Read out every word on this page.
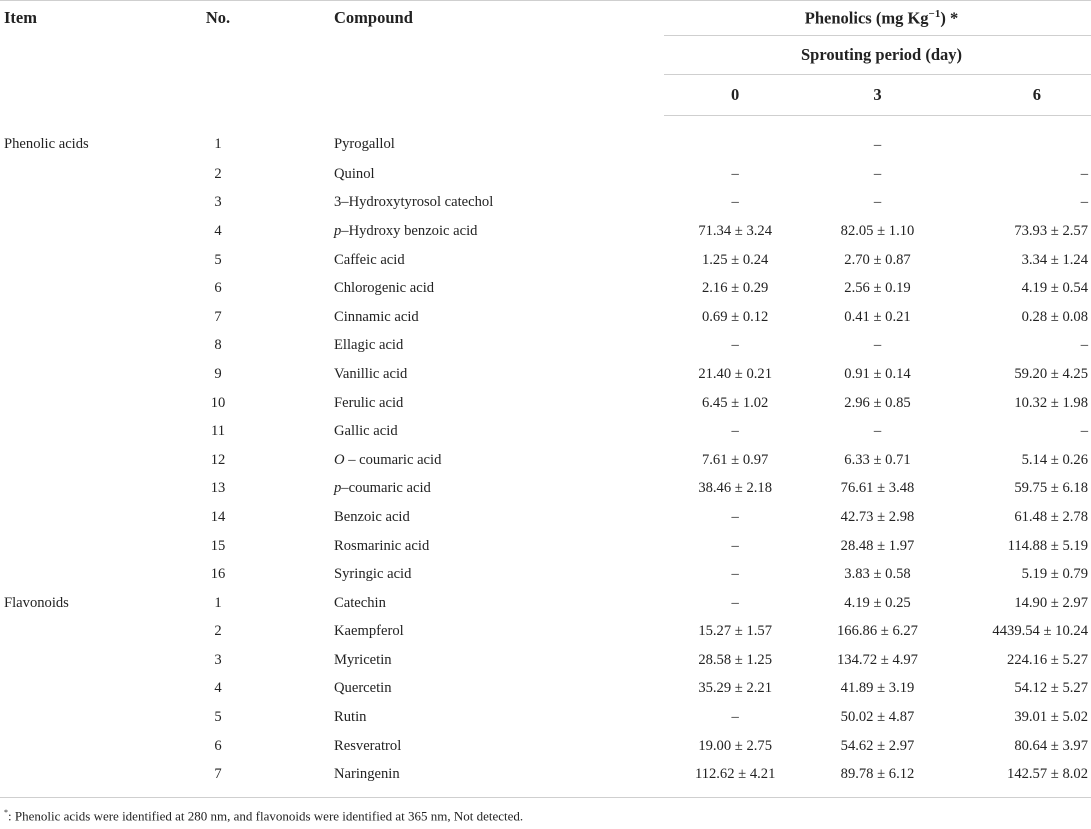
Item	No.	Compound	Phenolics (mg $Kg^{-1}$) *		
			Sprouting period (day)		
			0	3	6
Phenolic acids	1	Pyrogallol		–	
	2	Quinol	–	–	–
	3	3–Hydroxytyrosol catechol	–	–	–
	4	p–Hydroxy benzoic acid	71.34 ± 3.24	82.05 ± 1.10	73.93 ± 2.57
	5	Caffeic acid	1.25 ± 0.24	2.70 ± 0.87	3.34 ± 1.24
	6	Chlorogenic acid	2.16 ± 0.29	2.56 ± 0.19	4.19 ± 0.54
	7	Cinnamic acid	0.69 ± 0.12	0.41 ± 0.21	0.28 ± 0.08
	8	Ellagic acid	–	–	–
	9	Vanillic acid	21.40 ± 0.21	0.91 ± 0.14	59.20 ± 4.25
	10	Ferulic acid	6.45 ± 1.02	2.96 ± 0.85	10.32 ± 1.98
	11	Gallic acid	–	–	–
	12	O – coumaric acid	7.61 ± 0.97	6.33 ± 0.71	5.14 ± 0.26
	13	p–coumaric acid	38.46 ± 2.18	76.61 ± 3.48	59.75 ± 6.18
	14	Benzoic acid	–	42.73 ± 2.98	61.48 ± 2.78
	15	Rosmarinic acid	–	28.48 ± 1.97	114.88 ± 5.19
	16	Syringic acid	–	3.83 ± 0.58	5.19 ± 0.79
Flavonoids	1	Catechin	–	4.19 ± 0.25	14.90 ± 2.97
	2	Kaempferol	15.27 ± 1.57	166.86 ± 6.27	4439.54 ± 10.24
	3	Myricetin	28.58 ± 1.25	134.72 ± 4.97	224.16 ± 5.27
	4	Quercetin	35.29 ± 2.21	41.89 ± 3.19	54.12 ± 5.27
	5	Rutin	–	50.02 ± 4.87	39.01 ± 5.02
	6	Resveratrol	19.00 ± 2.75	54.62 ± 2.97	80.64 ± 3.97
	7	Naringenin	112.62 ± 4.21	89.78 ± 6.12	142.57 ± 8.02
*: Phenolic acids were identified at 280 nm, and flavonoids were identified at 365 nm, Not detected.
